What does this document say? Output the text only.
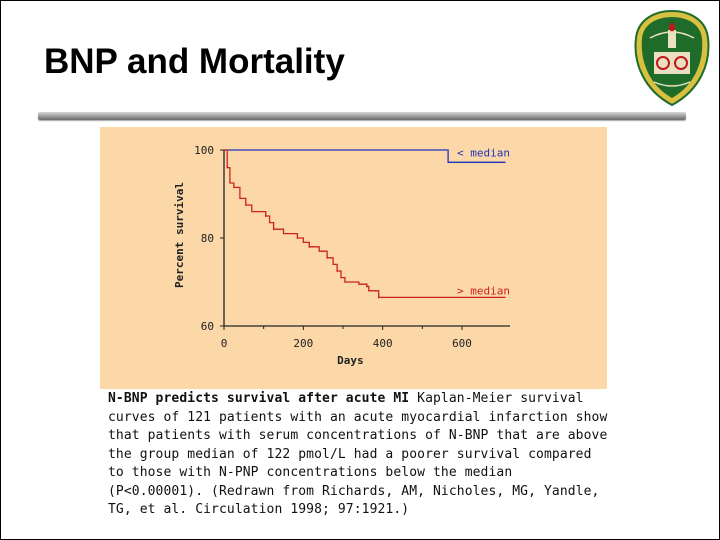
BNP and Mortality
60
80
100
0	200	400	600
Days
Percent survival
< median
> median
N-BNP predicts survival after acute MI Kaplan-Meier survival curves of 121 patients with an acute myocardial infarction show that patients with serum concentrations of N-BNP that are above the group median of 122 pmol/L had a poorer survival compared to those with N-PNP concentrations below the median (P<0.00001). (Redrawn from Richards, AM, Nicholes, MG, Yandle, TG, et al. Circulation 1998; 97:1921.)
